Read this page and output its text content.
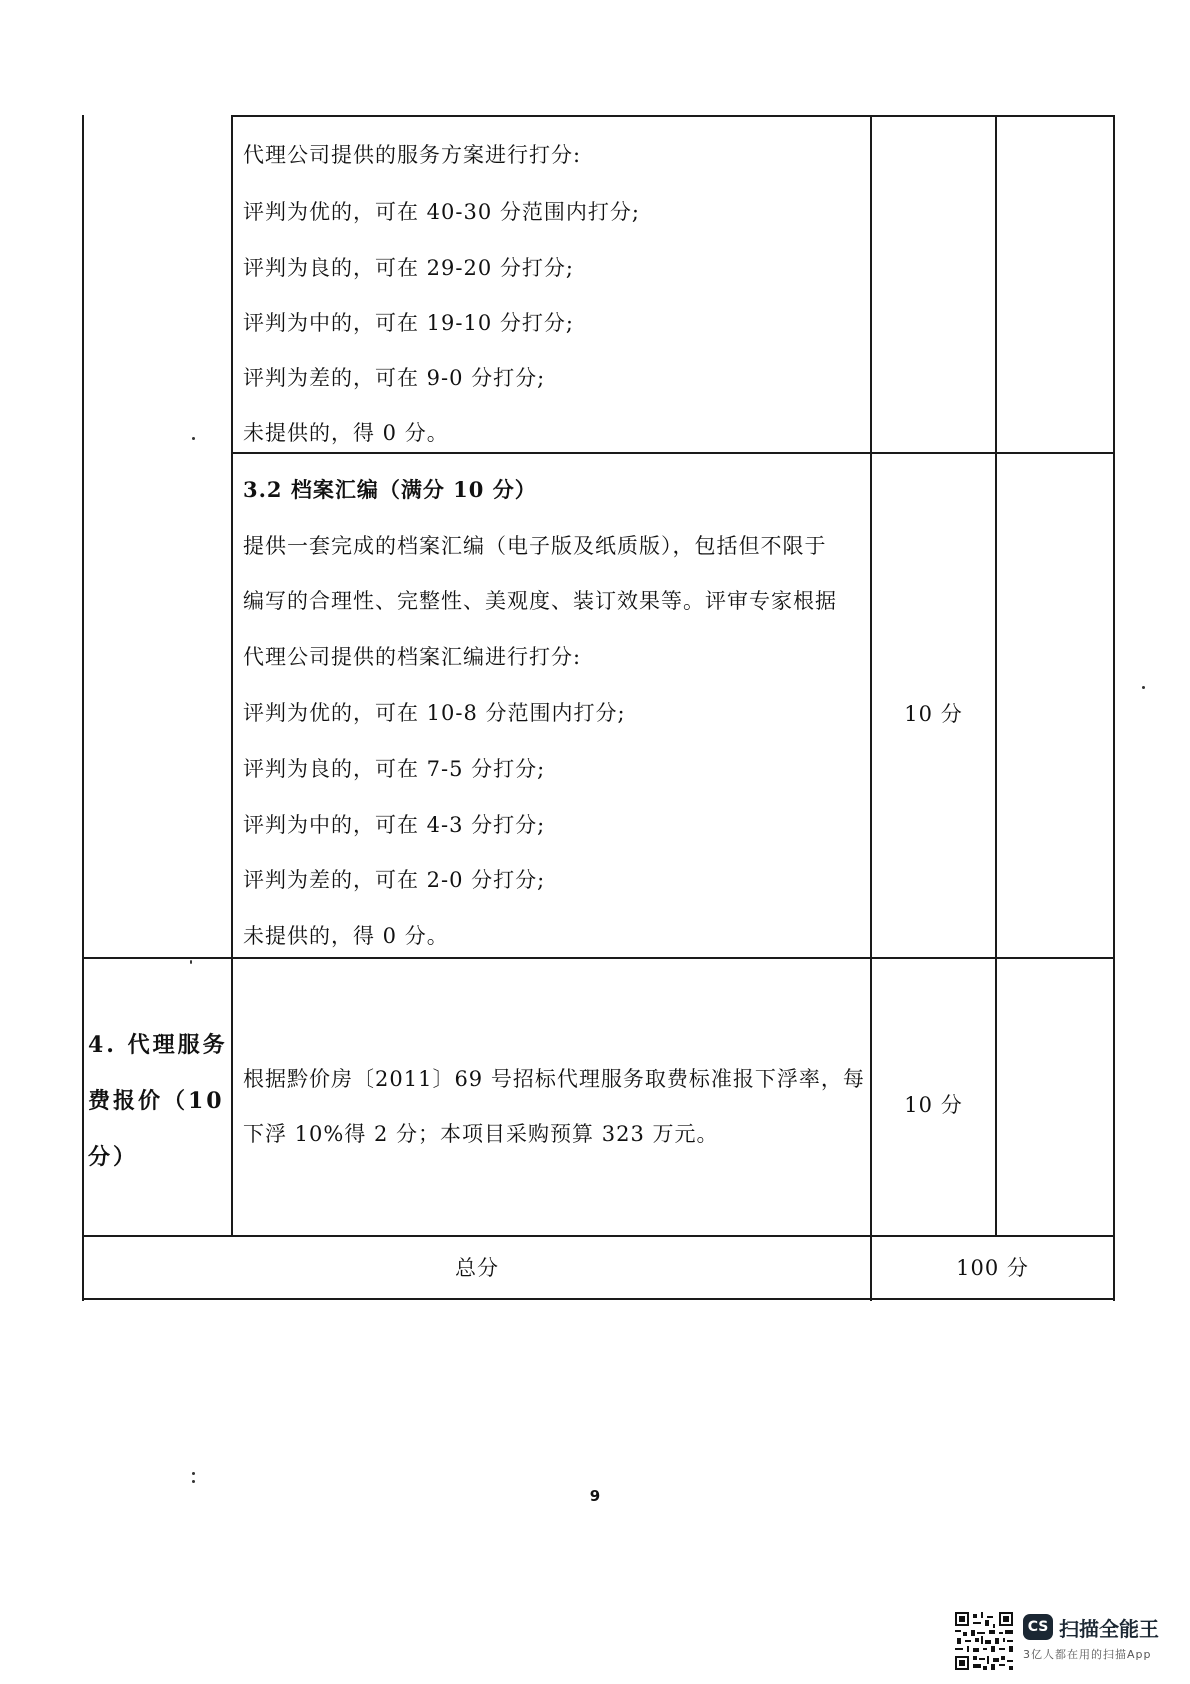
代理公司提供的服务方案进行打分:
评判为优的，可在 40-30 分范围内打分;
评判为良的，可在 29-20 分打分;
评判为中的，可在 19-10 分打分;
评判为差的，可在 9-0 分打分;
未提供的，得 0 分。
3.2 档案汇编（满分 10 分）
提供一套完成的档案汇编（电子版及纸质版），包括但不限于
编写的合理性、完整性、美观度、装订效果等。评审专家根据
代理公司提供的档案汇编进行打分:
评判为优的，可在 10-8 分范围内打分;
评判为良的，可在 7-5 分打分;
评判为中的，可在 4-3 分打分;
评判为差的，可在 2-0 分打分;
未提供的，得 0 分。
10 分
4. 代理服务
费报价（10
分）
根据黔价房〔2011〕69 号招标代理服务取费标准报下浮率，每
下浮 10%得 2 分；本项目采购预算 323 万元。
10 分
总分	100 分
9
CS 扫描全能王
3亿人都在用的扫描App
